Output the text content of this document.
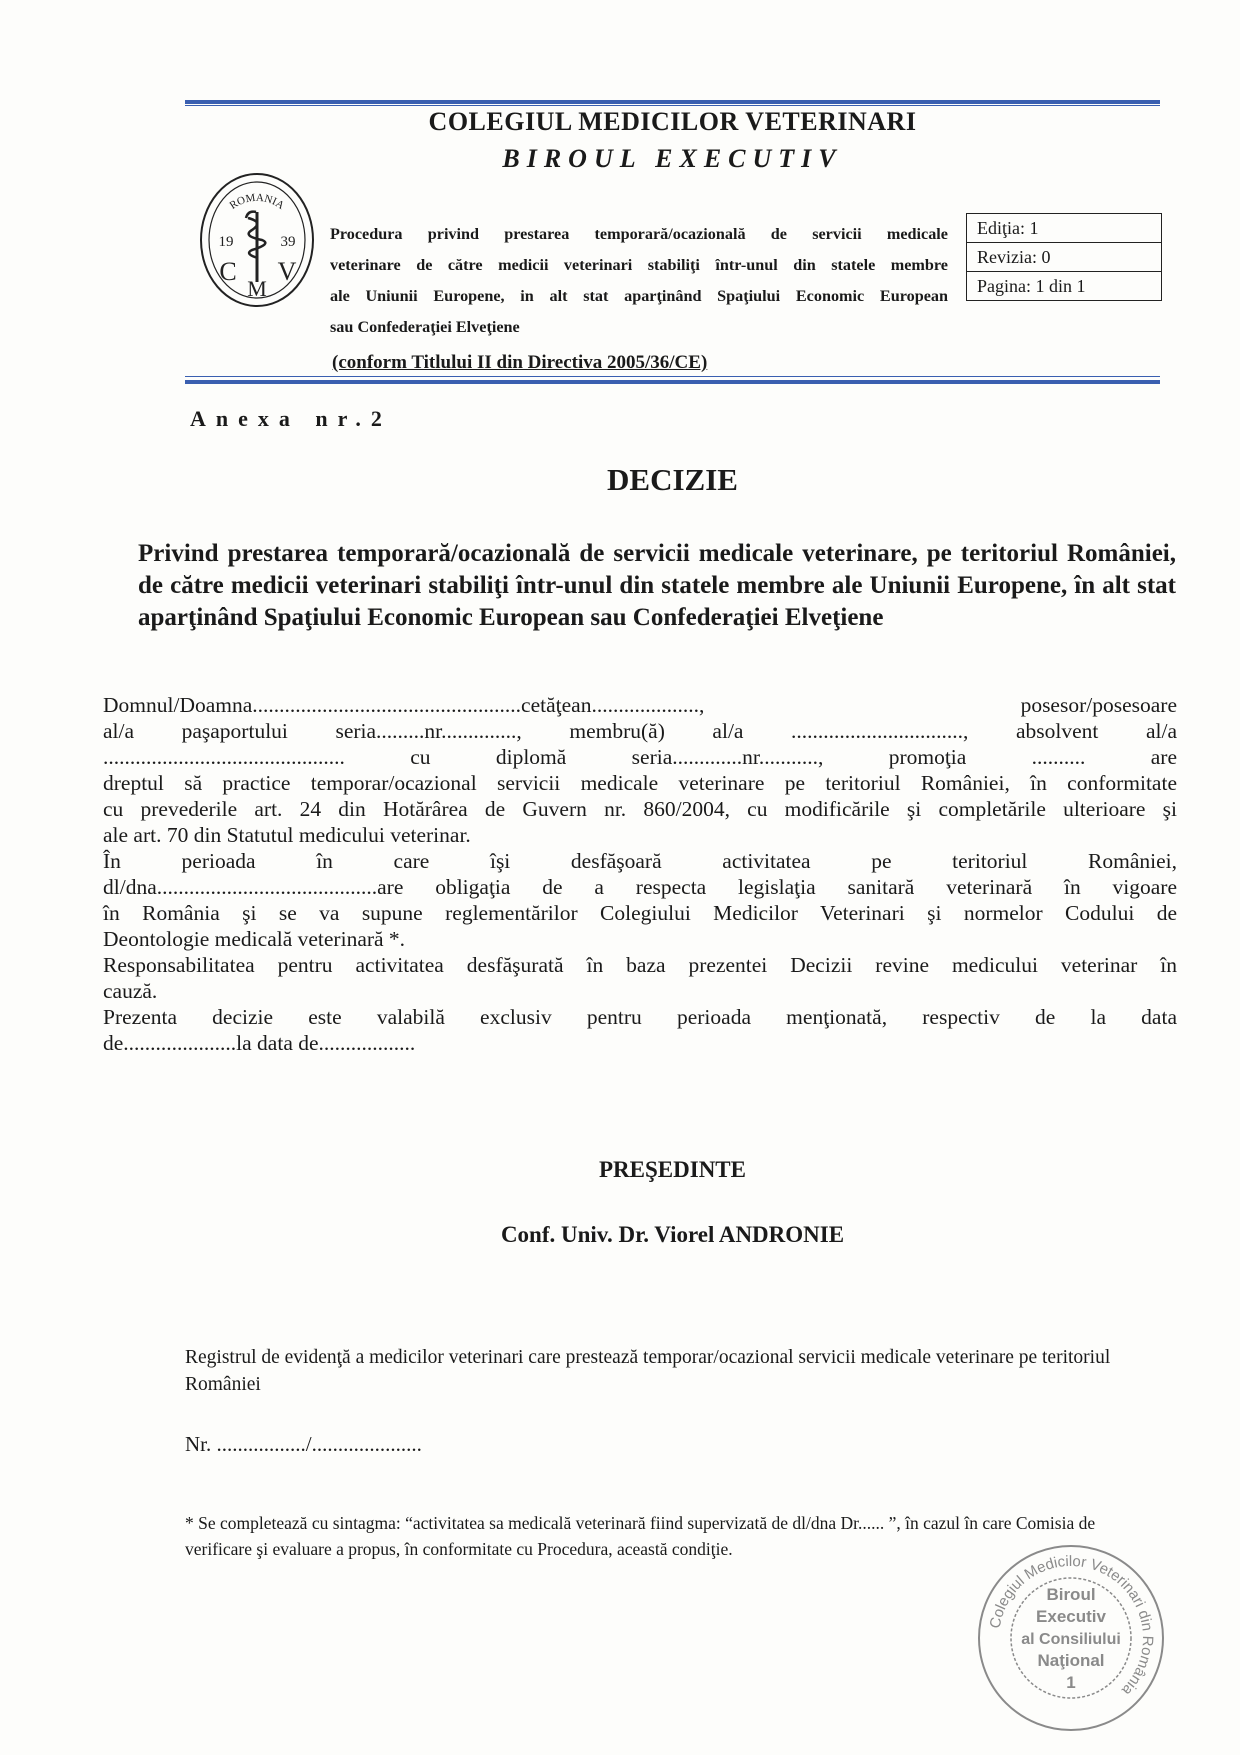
COLEGIUL MEDICILOR VETERINARI
BIROUL EXECUTIV
ROMANIA
19	39
C
M
V
Procedura privind prestarea temporară/ocazională de servicii medicale
veterinare de către medicii veterinari stabiliţi într-unul din statele membre
ale Uniunii Europene, in alt stat aparţinând Spaţiului Economic European
sau Confederaţiei Elveţiene
(conform Titlului II din Directiva 2005/36/CE)
Ediţia: 1
Revizia: 0
Pagina: 1 din 1
Anexa nr.2
DECIZIE
Privind prestarea temporară/ocazională de servicii medicale veterinare, pe teritoriul României, de către medicii veterinari stabiliţi într-unul din statele membre ale Uniunii Europene, în alt stat aparţinând Spaţiului Economic European sau Confederaţiei Elveţiene

Domnul/Doamna..................................................cetăţean...................., posesor/posesoare

al/a paşaportului seria.........nr.............., membru(ă) al/a ................................, absolvent al/a

............................................. cu diplomă seria.............nr..........., promoţia .......... are

dreptul să practice temporar/ocazional servicii medicale veterinare pe teritoriul României, în conformitate

cu prevederile art. 24 din Hotărârea de Guvern nr. 860/2004, cu modificările şi completările ulterioare şi

ale art. 70 din Statutul medicului veterinar.

În perioada în care îşi desfăşoară activitatea pe teritoriul României,

dl/dna.........................................are obligaţia de a respecta legislaţia sanitară veterinară în vigoare

în România şi se va supune reglementărilor Colegiului Medicilor Veterinari şi normelor Codului de

Deontologie medicală veterinară *.

Responsabilitatea pentru activitatea desfăşurată în baza prezentei Decizii revine medicului veterinar în

cauză.

Prezenta decizie este valabilă exclusiv pentru perioada menţionată, respectiv de la data

de.....................la data de..................

PREŞEDINTE
Conf. Univ. Dr. Viorel ANDRONIE
Registrul de evidenţă a medicilor veterinari care prestează temporar/ocazional servicii medicale veterinare pe teritoriul României
Nr. ................./.....................
* Se completează cu sintagma: “activitatea sa medicală veterinară fiind supervizată de dl/dna Dr...... ”, în cazul în care Comisia de verificare şi evaluare a propus, în conformitate cu Procedura, această condiţie.
Colegiul Medicilor Veterinari din România
Biroul
Executiv
al Consiliului
Naţional
1
